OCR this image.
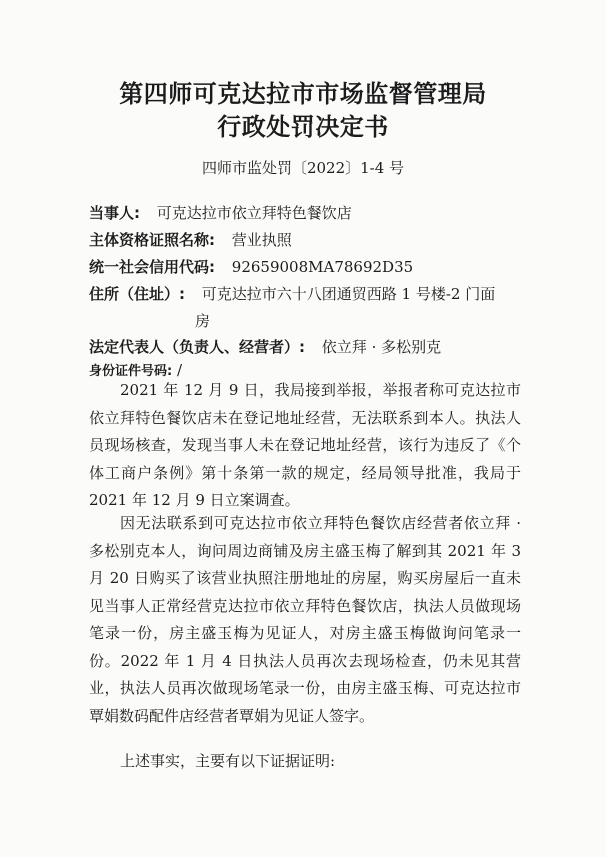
第四师可克达拉市市场监督管理局
行政处罚决定书
四师市监处罚〔2022〕1-4 号
当事人: 可克达拉市依立拜特色餐饮店
主体资格证照名称: 营业执照
统一社会信用代码: 92659008MA78692D35
住所（住址）: 可克达拉市六十八团通贸西路 1 号楼-2 门面
房
法定代表人（负责人、经营者）: 依立拜 · 多松别克
身份证件号码: /

2021 年 12 月 9 日，我局接到举报，举报者称可克达拉市依立拜特色餐饮店未在登记地址经营，无法联系到本人。执法人员现场核查，发现当事人未在登记地址经营，该行为违反了《个体工商户条例》第十条第一款的规定，经局领导批准，我局于 2021 年 12 月 9 日立案调查。

因无法联系到可克达拉市依立拜特色餐饮店经营者依立拜 · 多松别克本人，询问周边商铺及房主盛玉梅了解到其 2021 年 3 月 20 日购买了该营业执照注册地址的房屋，购买房屋后一直未见当事人正常经营克达拉市依立拜特色餐饮店，执法人员做现场笔录一份，房主盛玉梅为见证人，对房主盛玉梅做询问笔录一份。2022 年 1 月 4 日执法人员再次去现场检查，仍未见其营业，执法人员再次做现场笔录一份，由房主盛玉梅、可克达拉市覃娟数码配件店经营者覃娟为见证人签字。

上述事实，主要有以下证据证明:
